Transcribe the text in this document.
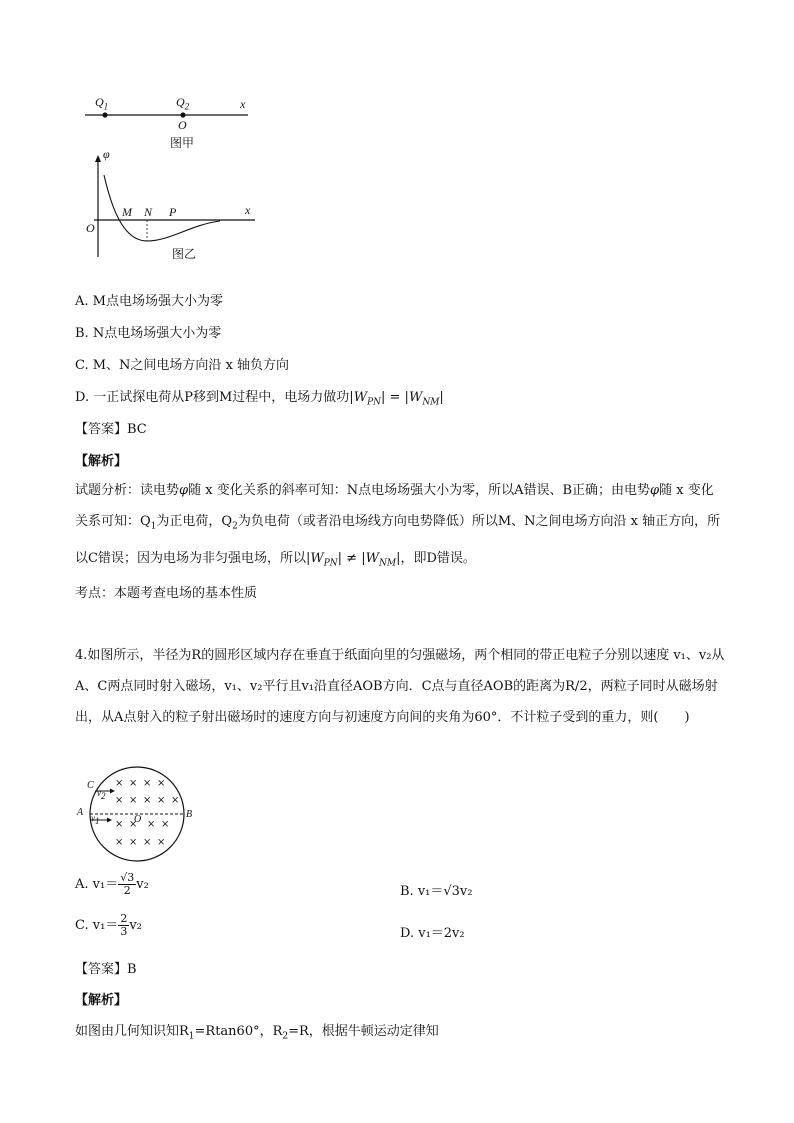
$Q_1$	$Q_2$
O
x
图甲
φ
O
M N P	x
图乙
A. M点电场场强大小为零
B. N点电场场强大小为零
C. M、N之间电场方向沿 x 轴负方向
D. 一正试探电荷从P移到M过程中，电场力做功$|W_{PN}| = |W_{NM}|$
【答案】BC
【解析】
试题分析：读电势φ随 x 变化关系的斜率可知：N点电场场强大小为零，所以A错误、B正确；由电势φ随 x 变化关系可知：$Q_1$为正电荷，$Q_2$为负电荷（或者沿电场线方向电势降低）所以M、N之间电场方向沿 x 轴正方向，所以C错误；因为电场为非匀强电场，所以$|W_{PN}| \ne |W_{NM}|$，即D错误。
考点：本题考查电场的基本性质
4.如图所示，半径为R的圆形区域内存在垂直于纸面向里的匀强磁场，两个相同的带正电粒子分别以速度 v₁、v₂从A、C两点同时射入磁场，v₁、v₂平行且v₁沿直径AOB方向．C点与直径AOB的距离为R/2，两粒子同时从磁场射出，从A点射入的粒子射出磁场时的速度方向与初速度方向间的夹角为60°．不计粒子受到的重力，则(　　)
C
$v_2$
A $v_1$	O	B
× × × ×
× × × × ×
× × × ×
× × × ×
A. $v_1= \frac{√3}{2} v_2$	B. v₁＝√3v₂
C. $v_1= \frac{2}{3} v_2$
D. v₁＝2v₂
【答案】B
【解析】
如图由几何知识知$R_1=Rtan60^\circ$，$R_2=R$，根据牛顿运动定律知
